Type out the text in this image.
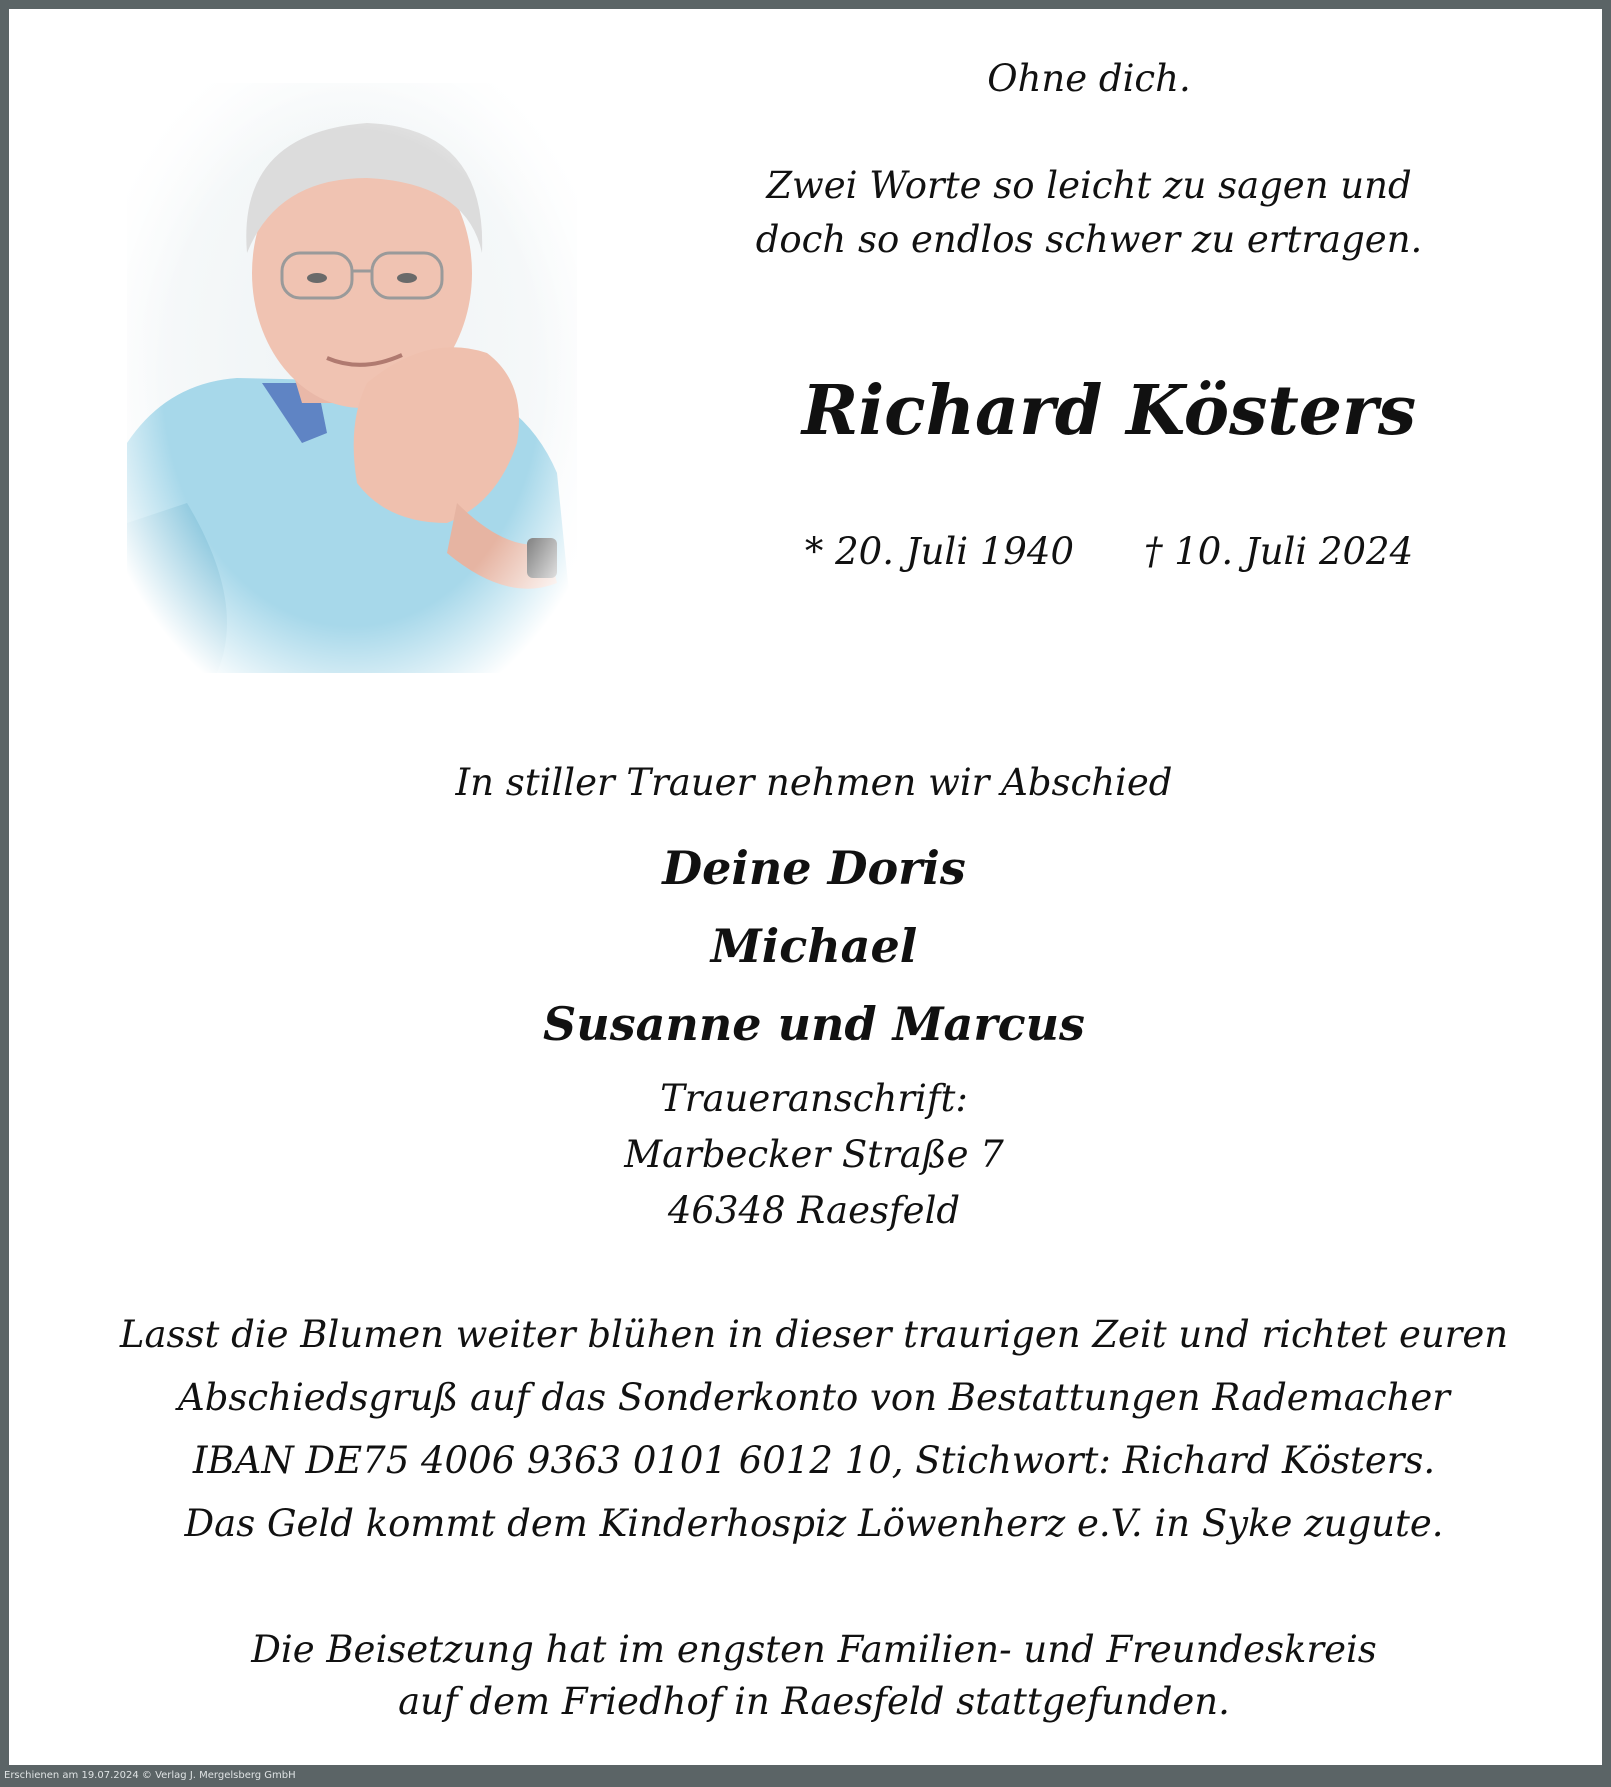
Ohne dich.
Zwei Worte so leicht zu sagen und
doch so endlos schwer zu ertragen.
Richard Kösters
* 20. Juli 1940 † 10. Juli 2024
In stiller Trauer nehmen wir Abschied
Deine Doris
Michael
Susanne und Marcus
Traueranschrift:
Marbecker Straße 7
46348 Raesfeld
Lasst die Blumen weiter blühen in dieser traurigen Zeit und richtet euren
Abschiedsgruß auf das Sonderkonto von Bestattungen Rademacher
IBAN DE75 4006 9363 0101 6012 10, Stichwort: Richard Kösters.
Das Geld kommt dem Kinderhospiz Löwenherz e.V. in Syke zugute.
Die Beisetzung hat im engsten Familien- und Freundeskreis
auf dem Friedhof in Raesfeld stattgefunden.
Erschienen am 19.07.2024 © Verlag J. Mergelsberg GmbH
